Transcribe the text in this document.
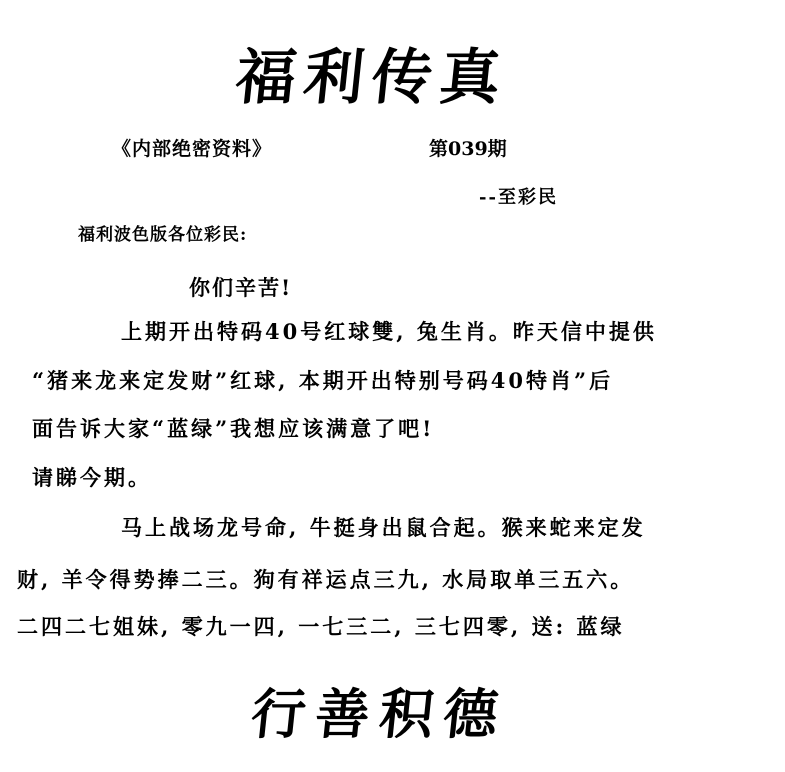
福利传真
《内部绝密资料》	第039期
--至彩民
福利波色版各位彩民:
你们辛苦!
上期开出特码40号红球雙, 兔生肖。昨天信中提供
“猪来龙来定发财”红球, 本期开出特别号码40特肖”后
面告诉大家“蓝绿”我想应该满意了吧!
请睇今期。
马上战场龙号命, 牛挺身出鼠合起。猴来蛇来定发
财, 羊令得势捧二三。狗有祥运点三九, 水局取单三五六。
二四二七姐妹, 零九一四, 一七三二, 三七四零, 送: 蓝绿
行善积德
